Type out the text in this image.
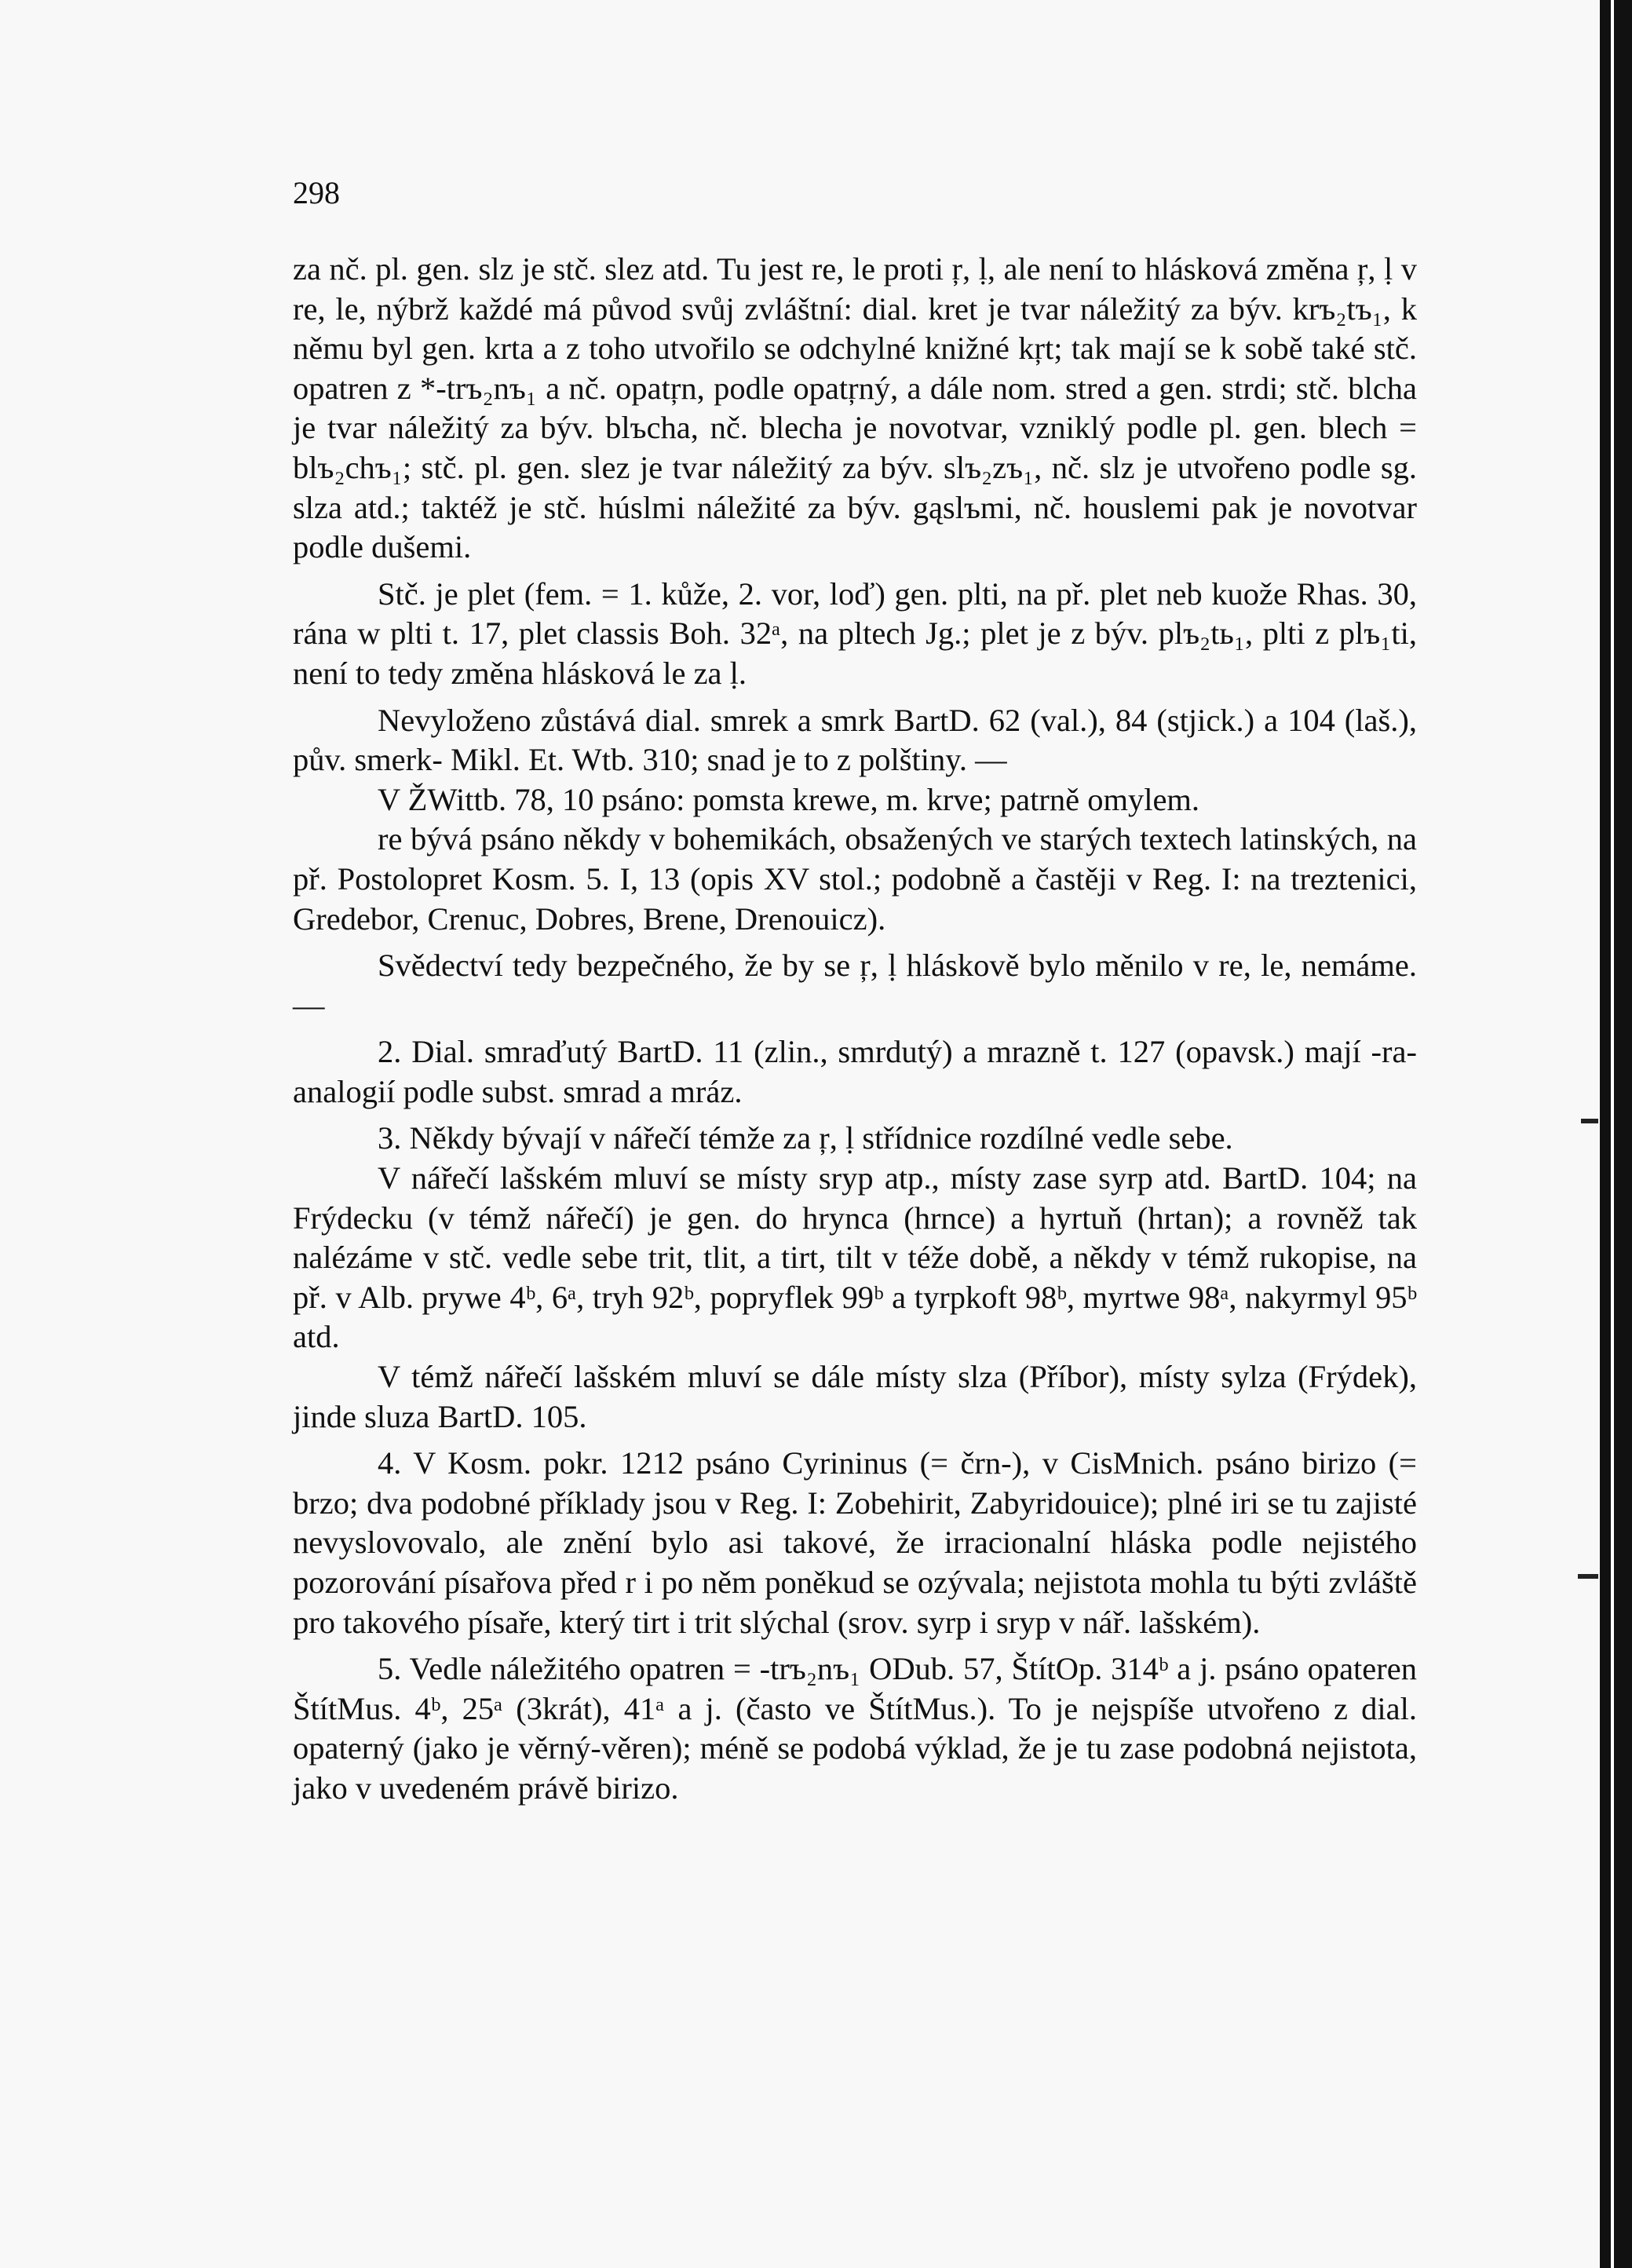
298

za nč. pl. gen. slz je stč. slez atd. Tu jest re, le proti ŗ, ḷ, ale není to hlásková změna ŗ, ḷ v re, le, nýbrž každé má původ svůj zvláštní: dial. kret je tvar náležitý za býv. krъ₂tъ₁, k němu byl gen. krta a z toho utvořilo se odchylné knižné kŗt; tak mají se k sobě také stč. opatren z *-trъ₂nъ₁ a nč. opatŗn, podle opatŗný, a dále nom. stred a gen. strdi; stč. blcha je tvar náležitý za býv. blъcha, nč. blecha je novotvar, vzniklý podle pl. gen. blech = blъ₂chъ₁; stč. pl. gen. slez je tvar náležitý za býv. slъ₂zъ₁, nč. slz je utvořeno podle sg. slza atd.; taktéž je stč. húslmi náležité za býv. gąslъmi, nč. houslemi pak je novotvar podle dušemi.

Stč. je plet (fem. = 1. kůže, 2. vor, loď) gen. plti, na př. plet neb kuože Rhas. 30, rána w plti t. 17, plet classis Boh. 32ᵃ, na pltech Jg.; plet je z býv. plъ₂tь₁, plti z plъ₁ti, není to tedy změna hlásková le za ḷ.

Nevyloženo zůstává dial. smrek a smrk BartD. 62 (val.), 84 (stjick.) a 104 (laš.), pův. smerk- Mikl. Et. Wtb. 310; snad je to z polštiny. —

V ŽWittb. 78, 10 psáno: pomsta krewe, m. krve; patrně omylem.

re bývá psáno někdy v bohemikách, obsažených ve starých textech latinských, na př. Postolopret Kosm. 5. I, 13 (opis XV stol.; podobně a častěji v Reg. I: na treztenici, Gredebor, Crenuc, Dobres, Brene, Drenouicz).

Svědectví tedy bezpečného, že by se ŗ, ḷ hláskově bylo měnilo v re, le, nemáme. —

2. Dial. smraďutý BartD. 11 (zlin., smrdutý) a mrazně t. 127 (opavsk.) mají -ra- analogií podle subst. smrad a mráz.

3. Někdy bývají v nářečí témže za ŗ, ḷ střídnice rozdílné vedle sebe.

V nářečí lašském mluví se místy sryp atp., místy zase syrp atd. BartD. 104; na Frýdecku (v témž nářečí) je gen. do hrynca (hrnce) a hyrtuň (hrtan); a rovněž tak nalézáme v stč. vedle sebe trit, tlit, a tirt, tilt v téže době, a někdy v témž rukopise, na př. v Alb. prywe 4ᵇ, 6ᵃ, tryh 92ᵇ, popryflek 99ᵇ a tyrpkoft 98ᵇ, myrtwe 98ᵃ, nakyrmyl 95ᵇ atd.

V témž nářečí lašském mluví se dále místy slza (Příbor), místy sylza (Frýdek), jinde sluza BartD. 105.

4. V Kosm. pokr. 1212 psáno Cyrininus (= črn-), v CisMnich. psáno birizo (= brzo; dva podobné příklady jsou v Reg. I: Zobehirit, Zabyridouice); plné iri se tu zajisté nevyslovovalo, ale znění bylo asi takové, že irracionalní hláska podle nejistého pozorování písařova před r i po něm poněkud se ozývala; nejistota mohla tu býti zvláště pro takového písaře, který tirt i trit slýchal (srov. syrp i sryp v nář. lašském).

5. Vedle náležitého opatren = -trъ₂nъ₁ ODub. 57, ŠtítOp. 314ᵇ a j. psáno opateren ŠtítMus. 4ᵇ, 25ᵃ (3krát), 41ᵃ a j. (často ve ŠtítMus.). To je nejspíše utvořeno z dial. opaterný (jako je věrný-věren); méně se podobá výklad, že je tu zase podobná nejistota, jako v uvedeném právě birizo.
